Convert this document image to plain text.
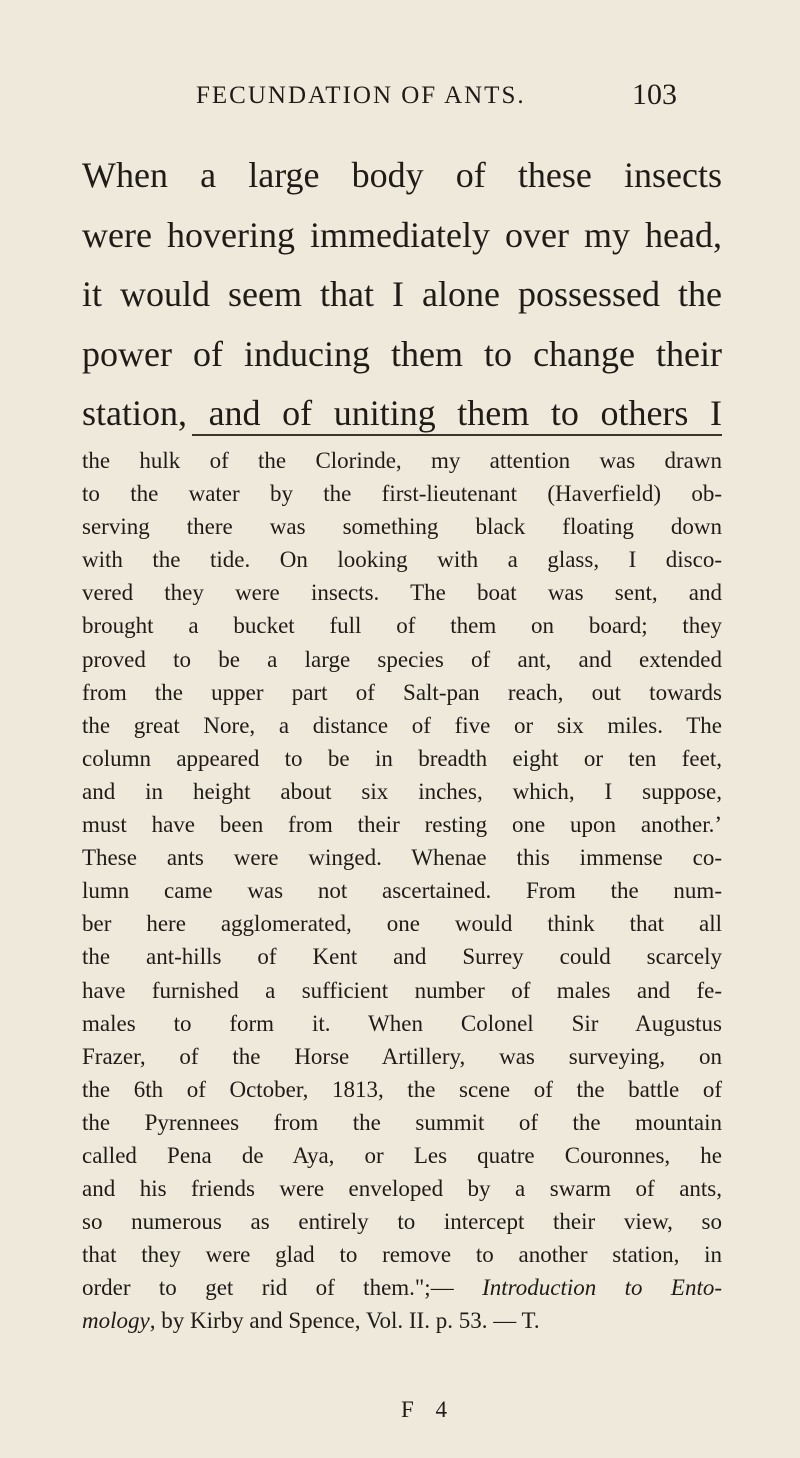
FECUNDATION OF ANTS.	103
When a large body of these insects
were hovering immediately over my head,
it would seem that I alone possessed the
power of inducing them to change their
station, and of uniting them to others I
the hulk of the Clorinde, my attention was drawn
to the water by the first-lieutenant (Haverfield) ob-
serving there was something black floating down
with the tide. On looking with a glass, I disco-
vered they were insects. The boat was sent, and
brought a bucket full of them on board; they
proved to be a large species of ant, and extended
from the upper part of Salt-pan reach, out towards
the great Nore, a distance of five or six miles. The
column appeared to be in breadth eight or ten feet,
and in height about six inches, which, I suppose,
must have been from their resting one upon another.’
These ants were winged. Whenae this immense co-
lumn came was not ascertained. From the num-
ber here agglomerated, one would think that all
the ant-hills of Kent and Surrey could scarcely
have furnished a sufficient number of males and fe-
males to form it. When Colonel Sir Augustus
Frazer, of the Horse Artillery, was surveying, on
the 6th of October, 1813, the scene of the battle of
the Pyrennees from the summit of the mountain
called Pena de Aya, or Les quatre Couronnes, he
and his friends were enveloped by a swarm of ants,
so numerous as entirely to intercept their view, so
that they were glad to remove to another station, in
order to get rid of them.";— Introduction to Ento-
mology, by Kirby and Spence, Vol. II. p. 53. — T.
F 4
